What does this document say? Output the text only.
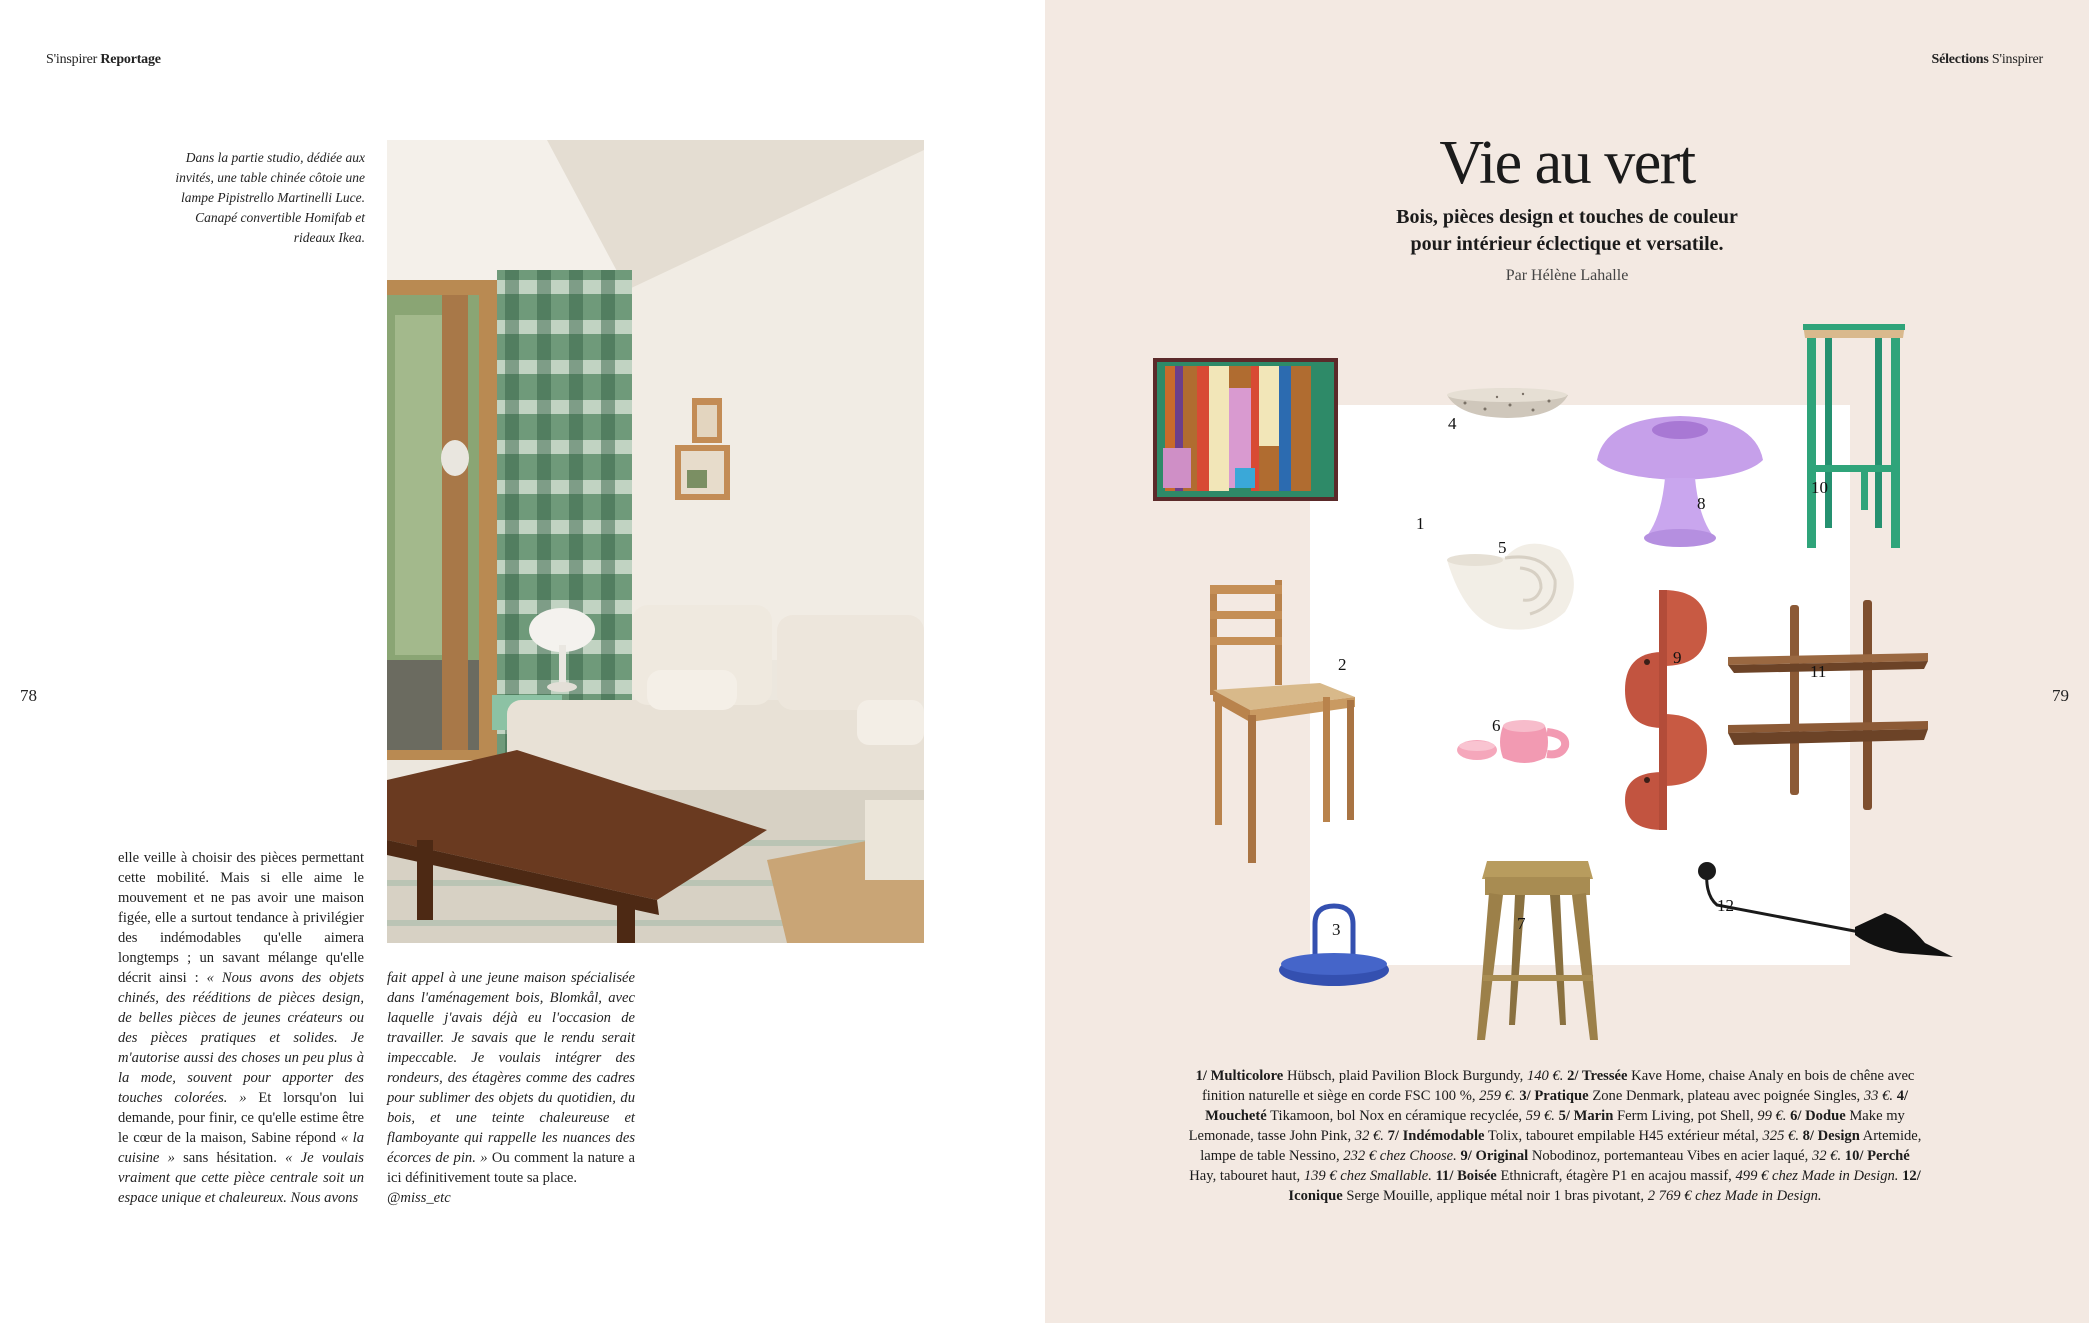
S'inspirer Reportage
78
Dans la partie studio, dédiée aux invités, une table chinée côtoie une lampe Pipistrello Martinelli Luce. Canapé convertible Homifab et rideaux Ikea.
elle veille à choisir des pièces permettant cette mobilité. Mais si elle aime le mouvement et ne pas avoir une maison figée, elle a surtout tendance à privilégier des indémodables qu'elle aimera longtemps ; un savant mélange qu'elle décrit ainsi : « Nous avons des objets chinés, des rééditions de pièces design, de belles pièces de jeunes créateurs ou des pièces pratiques et solides. Je m'autorise aussi des choses un peu plus à la mode, souvent pour apporter des touches colorées. » Et lorsqu'on lui demande, pour finir, ce qu'elle estime être le cœur de la maison, Sabine répond « la cuisine » sans hésitation. « Je voulais vraiment que cette pièce centrale soit un espace unique et chaleureux. Nous avons
fait appel à une jeune maison spécialisée dans l'aménagement bois, Blomkål, avec laquelle j'avais déjà eu l'occasion de travailler. Je savais que le rendu serait impeccable. Je voulais intégrer des rondeurs, des étagères comme des cadres pour sublimer des objets du quotidien, du bois, et une teinte chaleureuse et flamboyante qui rappelle les nuances des écorces de pin. » Ou comment la nature a ici définitivement toute sa place.
@miss_etc
Sélections S'inspirer
79
Vie au vert
Bois, pièces design et touches de couleur
pour intérieur éclectique et versatile.
Par Hélène Lahalle
1
4
8
10
5
2	9
11
6
12
3	7
1/ Multicolore Hübsch, plaid Pavilion Block Burgundy, 140 €. 2/ Tressée Kave Home, chaise Analy en bois de chêne avec finition naturelle et siège en corde FSC 100 %, 259 €. 3/ Pratique Zone Denmark, plateau avec poignée Singles, 33 €. 4/ Moucheté Tikamoon, bol Nox en céramique recyclée, 59 €. 5/ Marin Ferm Living, pot Shell, 99 €. 6/ Dodue Make my Lemonade, tasse John Pink, 32 €. 7/ Indémodable Tolix, tabouret empilable H45 extérieur métal, 325 €. 8/ Design Artemide, lampe de table Nessino, 232 € chez Choose. 9/ Original Nobodinoz, portemanteau Vibes en acier laqué, 32 €. 10/ Perché Hay, tabouret haut, 139 € chez Smallable. 11/ Boisée Ethnicraft, étagère P1 en acajou massif, 499 € chez Made in Design. 12/ Iconique Serge Mouille, applique métal noir 1 bras pivotant, 2 769 € chez Made in Design.
